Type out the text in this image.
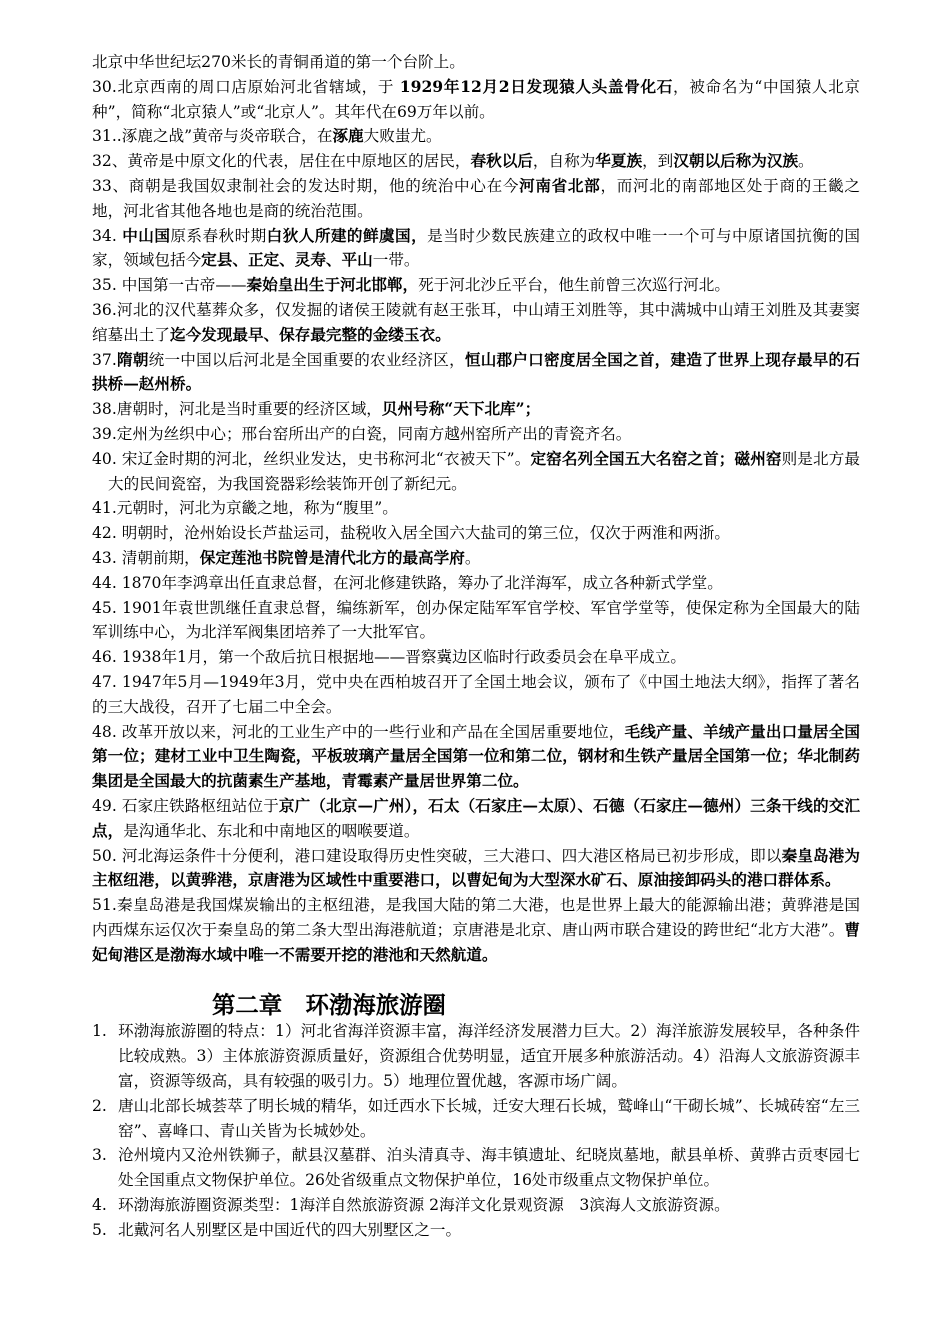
北京中华世纪坛270米长的青铜甬道的第一个台阶上。

30.北京西南的周口店原始河北省辖域，于 1929年12月2日发现猿人头盖骨化石，被命名为“中国猿人北京种”，简称“北京猿人”或“北京人”。其年代在69万年以前。

31..涿鹿之战”黄帝与炎帝联合，在涿鹿大败蚩尤。

32、黄帝是中原文化的代表，居住在中原地区的居民，春秋以后，自称为华夏族，到汉朝以后称为汉族。

33、商朝是我国奴隶制社会的发达时期，他的统治中心在今河南省北部，而河北的南部地区处于商的王畿之地，河北省其他各地也是商的统治范围。

34. 中山国原系春秋时期白狄人所建的鲜虞国，是当时少数民族建立的政权中唯一一个可与中原诸国抗衡的国家，领域包括今定县、正定、灵寿、平山一带。

35. 中国第一古帝——秦始皇出生于河北邯郸，死于河北沙丘平台，他生前曾三次巡行河北。

36.河北的汉代墓葬众多，仅发掘的诸侯王陵就有赵王张耳，中山靖王刘胜等，其中满城中山靖王刘胜及其妻窦绾墓出土了迄今发现最早、保存最完整的金缕玉衣。

37.隋朝统一中国以后河北是全国重要的农业经济区，恒山郡户口密度居全国之首，建造了世界上现存最早的石拱桥—赵州桥。

38.唐朝时，河北是当时重要的经济区域，贝州号称“天下北库”；

39.定州为丝织中心；邢台窑所出产的白瓷，同南方越州窑所产出的青瓷齐名。

40. 宋辽金时期的河北，丝织业发达，史书称河北“衣被天下”。定窑名列全国五大名窑之首；磁州窑则是北方最大的民间瓷窑，为我国瓷器彩绘装饰开创了新纪元。

41.元朝时，河北为京畿之地，称为“腹里”。

42. 明朝时，沧州始设长芦盐运司，盐税收入居全国六大盐司的第三位，仅次于两淮和两浙。

43. 清朝前期，保定莲池书院曾是清代北方的最高学府。

44. 1870年李鸿章出任直隶总督，在河北修建铁路，筹办了北洋海军，成立各种新式学堂。

45. 1901年袁世凯继任直隶总督，编练新军，创办保定陆军军官学校、军官学堂等，使保定称为全国最大的陆军训练中心，为北洋军阀集团培养了一大批军官。

46. 1938年1月，第一个敌后抗日根据地——晋察冀边区临时行政委员会在阜平成立。

47. 1947年5月—1949年3月，党中央在西柏坡召开了全国土地会议，颁布了《中国土地法大纲》，指挥了著名的三大战役，召开了七届二中全会。

48. 改革开放以来，河北的工业生产中的一些行业和产品在全国居重要地位，毛线产量、羊绒产量出口量居全国第一位；建材工业中卫生陶瓷，平板玻璃产量居全国第一位和第二位，钢材和生铁产量居全国第一位；华北制药集团是全国最大的抗菌素生产基地，青霉素产量居世界第二位。

49. 石家庄铁路枢纽站位于京广（北京—广州），石太（石家庄—太原）、石德（石家庄—德州）三条干线的交汇点，是沟通华北、东北和中南地区的咽喉要道。

50. 河北海运条件十分便利，港口建设取得历史性突破，三大港口、四大港区格局已初步形成，即以秦皇岛港为主枢纽港，以黄骅港，京唐港为区域性中重要港口，以曹妃甸为大型深水矿石、原油接卸码头的港口群体系。

51.秦皇岛港是我国煤炭输出的主枢纽港，是我国大陆的第二大港，也是世界上最大的能源输出港；黄骅港是国内西煤东运仅次于秦皇岛的第二条大型出海港航道；京唐港是北京、唐山两市联合建设的跨世纪“北方大港”。曹妃甸港区是渤海水域中唯一不需要开挖的港池和天然航道。

第二章　环渤海旅游圈
1. 环渤海旅游圈的特点：1）河北省海洋资源丰富，海洋经济发展潜力巨大。2）海洋旅游发展较早，各种条件比较成熟。3）主体旅游资源质量好，资源组合优势明显，适宜开展多种旅游活动。4）沿海人文旅游资源丰富，资源等级高，具有较强的吸引力。5）地理位置优越，客源市场广阔。
2. 唐山北部长城荟萃了明长城的精华，如迁西水下长城，迁安大理石长城，鹫峰山“干砌长城”、长城砖窑“左三窑”、喜峰口、青山关皆为长城妙处。
3. 沧州境内又沧州铁狮子，献县汉墓群、泊头清真寺、海丰镇遗址、纪晓岚墓地，献县单桥、黄骅古贡枣园七处全国重点文物保护单位。26处省级重点文物保护单位，16处市级重点文物保护单位。
4. 环渤海旅游圈资源类型：1海洋自然旅游资源 2海洋文化景观资源　3滨海人文旅游资源。
5. 北戴河名人别墅区是中国近代的四大别墅区之一。
